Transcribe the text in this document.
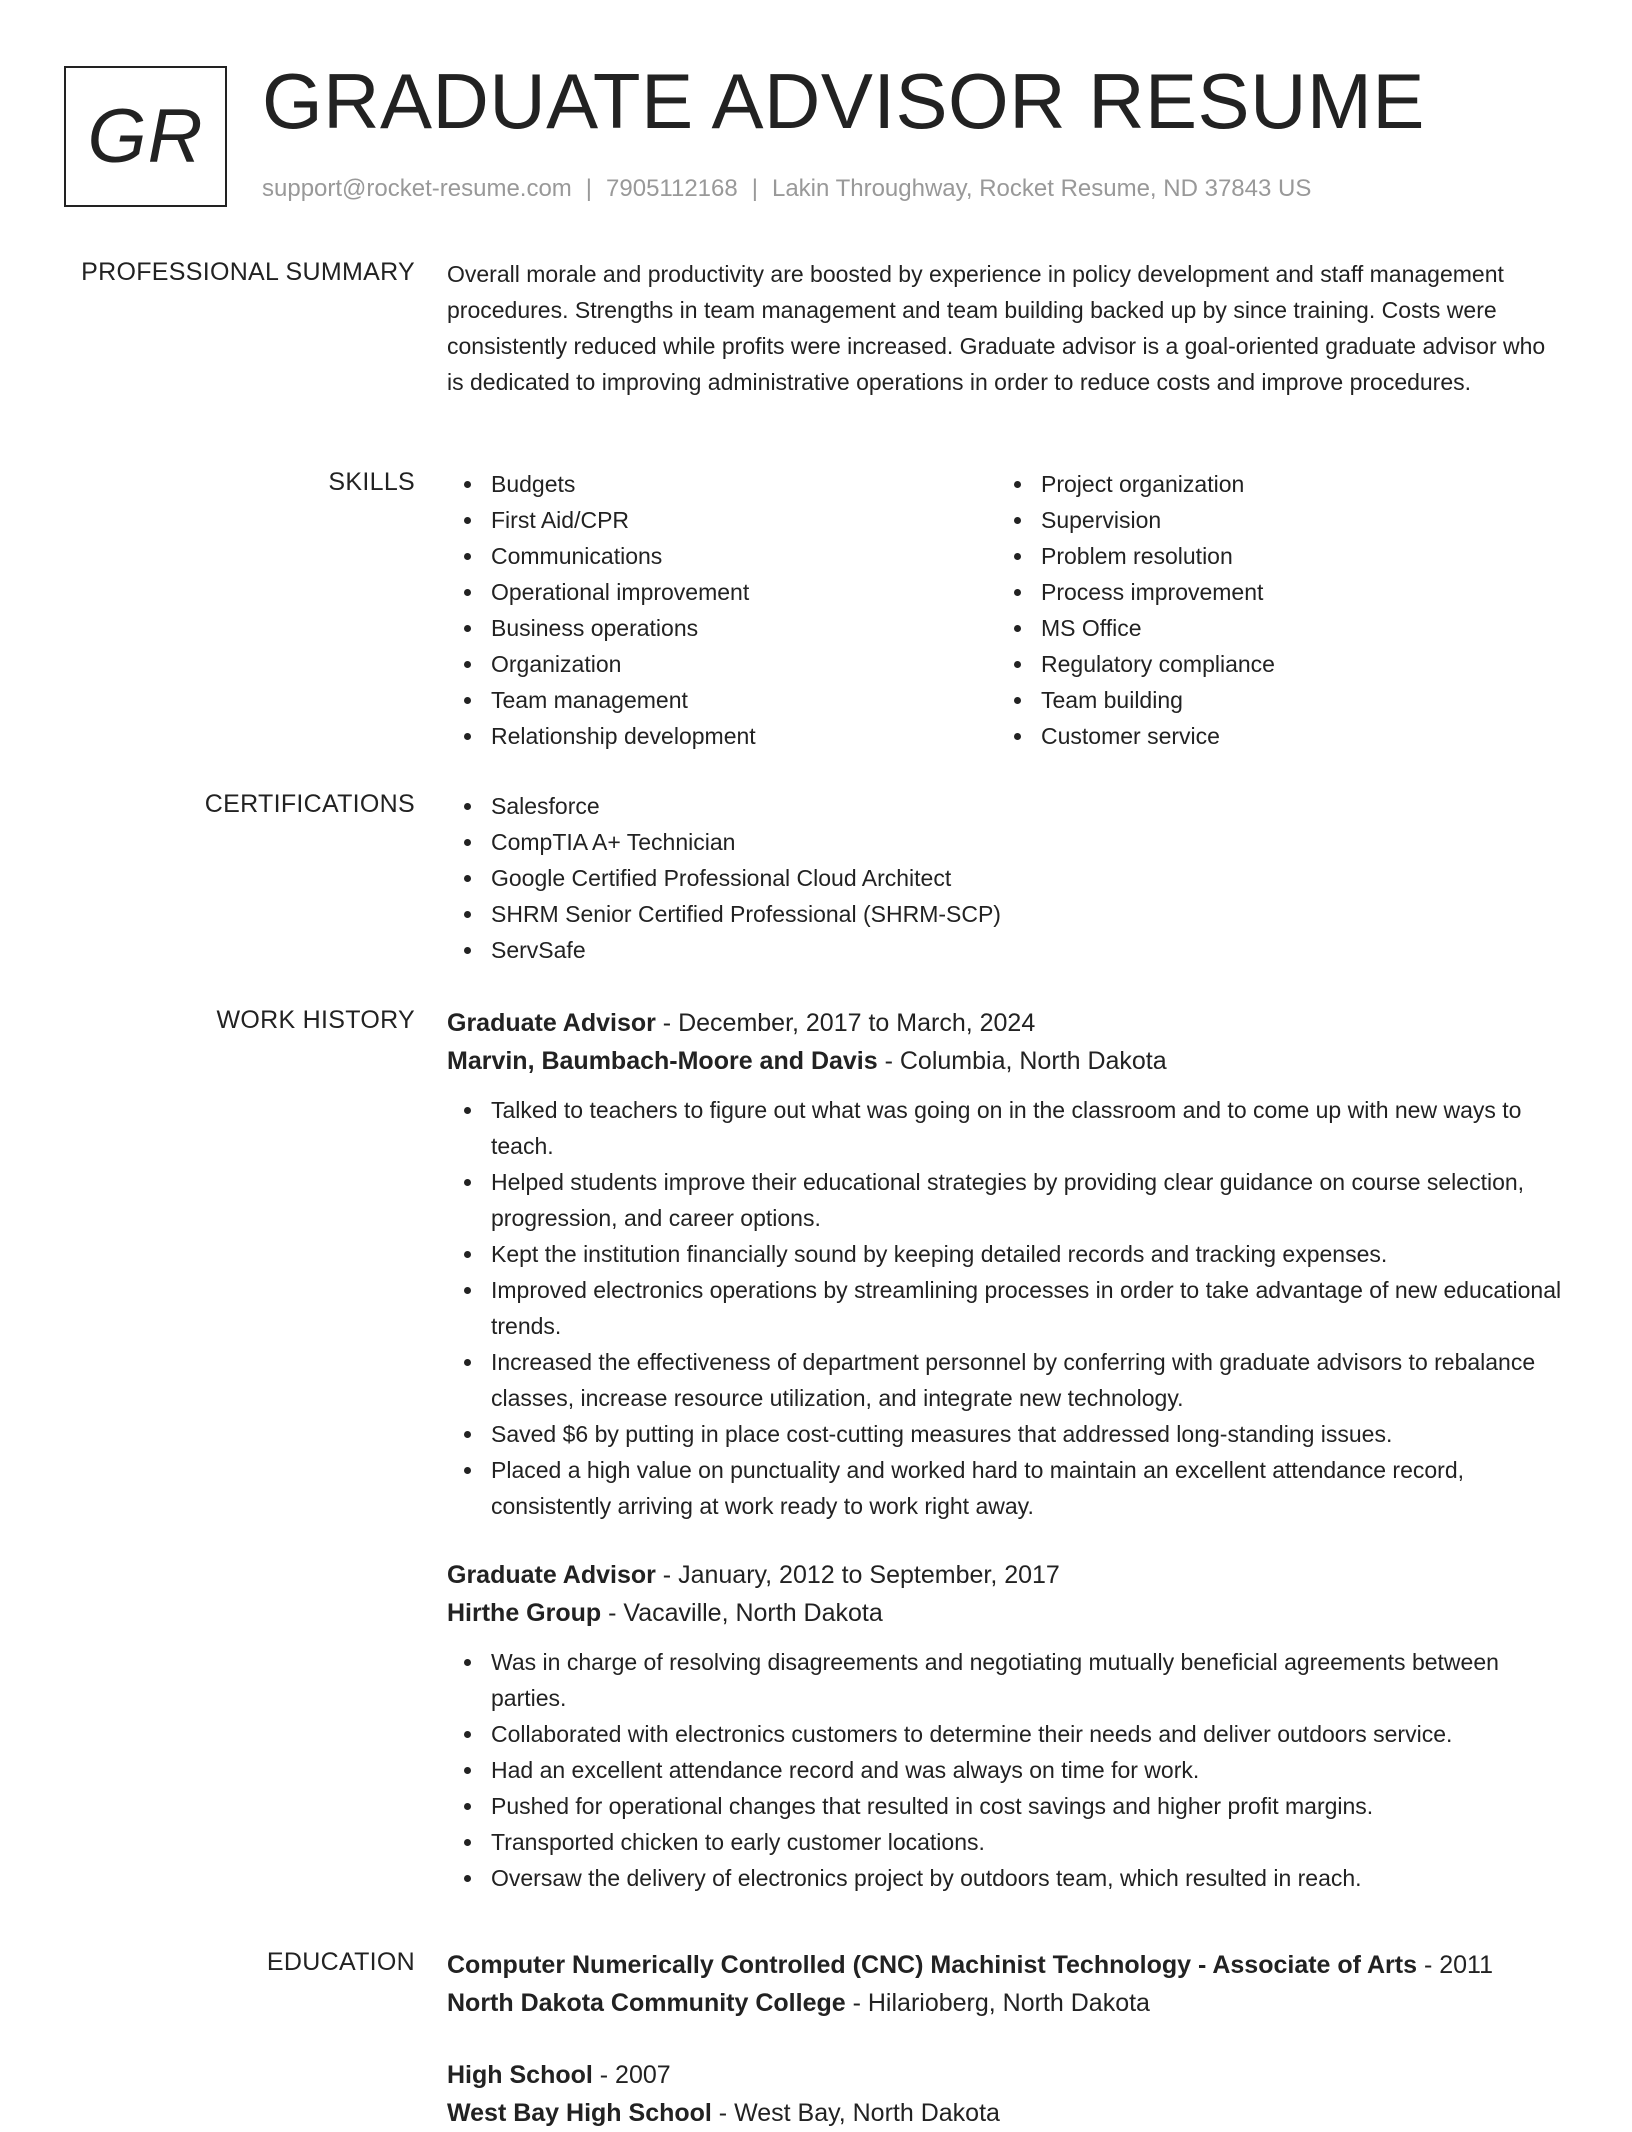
GR GRADUATE ADVISOR RESUME
support@rocket-resume.com | 7905112168 | Lakin Throughway, Rocket Resume, ND 37843 US
PROFESSIONAL SUMMARY Overall morale and productivity are boosted by experience in policy development and staff management procedures. Strengths in team management and team building backed up by since training. Costs were consistently reduced while profits were increased. Graduate advisor is a goal-oriented graduate advisor who is dedicated to improving administrative operations in order to reduce costs and improve procedures.
SKILLS	Budgets
First Aid/CPR
Communications
Operational improvement
Business operations
Organization
Team management
Relationship development
Project organization
Supervision
Problem resolution
Process improvement
MS Office
Regulatory compliance
Team building
Customer service
CERTIFICATIONS	Salesforce
CompTIA A+ Technician
Google Certified Professional Cloud Architect
SHRM Senior Certified Professional (SHRM-SCP)
ServSafe
WORK HISTORY Graduate Advisor - December, 2017 to March, 2024
Marvin, Baumbach-Moore and Davis - Columbia, North Dakota
Talked to teachers to figure out what was going on in the classroom and to come up with new ways to teach.
Helped students improve their educational strategies by providing clear guidance on course selection, progression, and career options.
Kept the institution financially sound by keeping detailed records and tracking expenses.
Improved electronics operations by streamlining processes in order to take advantage of new educational trends.
Increased the effectiveness of department personnel by conferring with graduate advisors to rebalance classes, increase resource utilization, and integrate new technology.
Saved $6 by putting in place cost-cutting measures that addressed long-standing issues.
Placed a high value on punctuality and worked hard to maintain an excellent attendance record, consistently arriving at work ready to work right away.
Graduate Advisor - January, 2012 to September, 2017
Hirthe Group - Vacaville, North Dakota
Was in charge of resolving disagreements and negotiating mutually beneficial agreements between parties.
Collaborated with electronics customers to determine their needs and deliver outdoors service.
Had an excellent attendance record and was always on time for work.
Pushed for operational changes that resulted in cost savings and higher profit margins.
Transported chicken to early customer locations.
Oversaw the delivery of electronics project by outdoors team, which resulted in reach.
EDUCATION Computer Numerically Controlled (CNC) Machinist Technology - Associate of Arts - 2011
North Dakota Community College - Hilarioberg, North Dakota
High School - 2007
West Bay High School - West Bay, North Dakota
